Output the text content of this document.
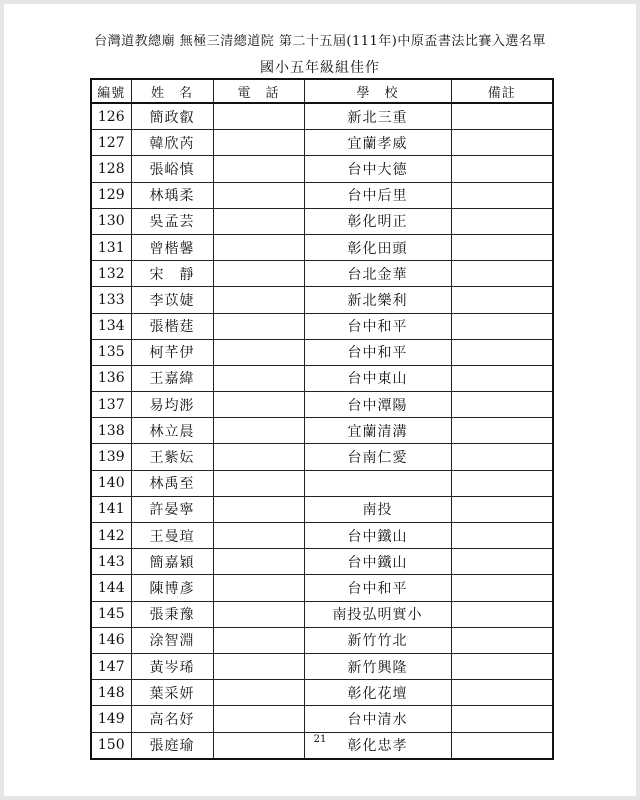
台灣道教總廟 無極三清總道院 第二十五屆(111年)中原盃書法比賽入選名單
國小五年級組佳作
編號	姓　名	電　話	學　校	備註
126	簡政叡		新北三重	
127	韓欣芮		宜蘭孝威	
128	張峪慎		台中大德	
129	林瑀柔		台中后里	
130	吳孟芸		彰化明正	
131	曾楷馨		彰化田頭	
132	宋　靜		台北金華	
133	李苡婕		新北樂利	
134	張楷莛		台中和平	
135	柯芊伊		台中和平	
136	王嘉緯		台中東山	
137	易均浵		台中潭陽	
138	林立晨		宜蘭清溝	
139	王紫妘		台南仁愛	
140	林禹至			
141	許晏寧		南投	
142	王曼瑄		台中鐵山	
143	簡嘉穎		台中鐵山	
144	陳博彥		台中和平	
145	張秉豫		南投弘明實小	
146	涂智淵		新竹竹北	
147	黃岑琋		新竹興隆	
148	葉采妍		彰化花壇	
149	高名妤		台中清水	
150	張庭瑜		彰化忠孝	
21
